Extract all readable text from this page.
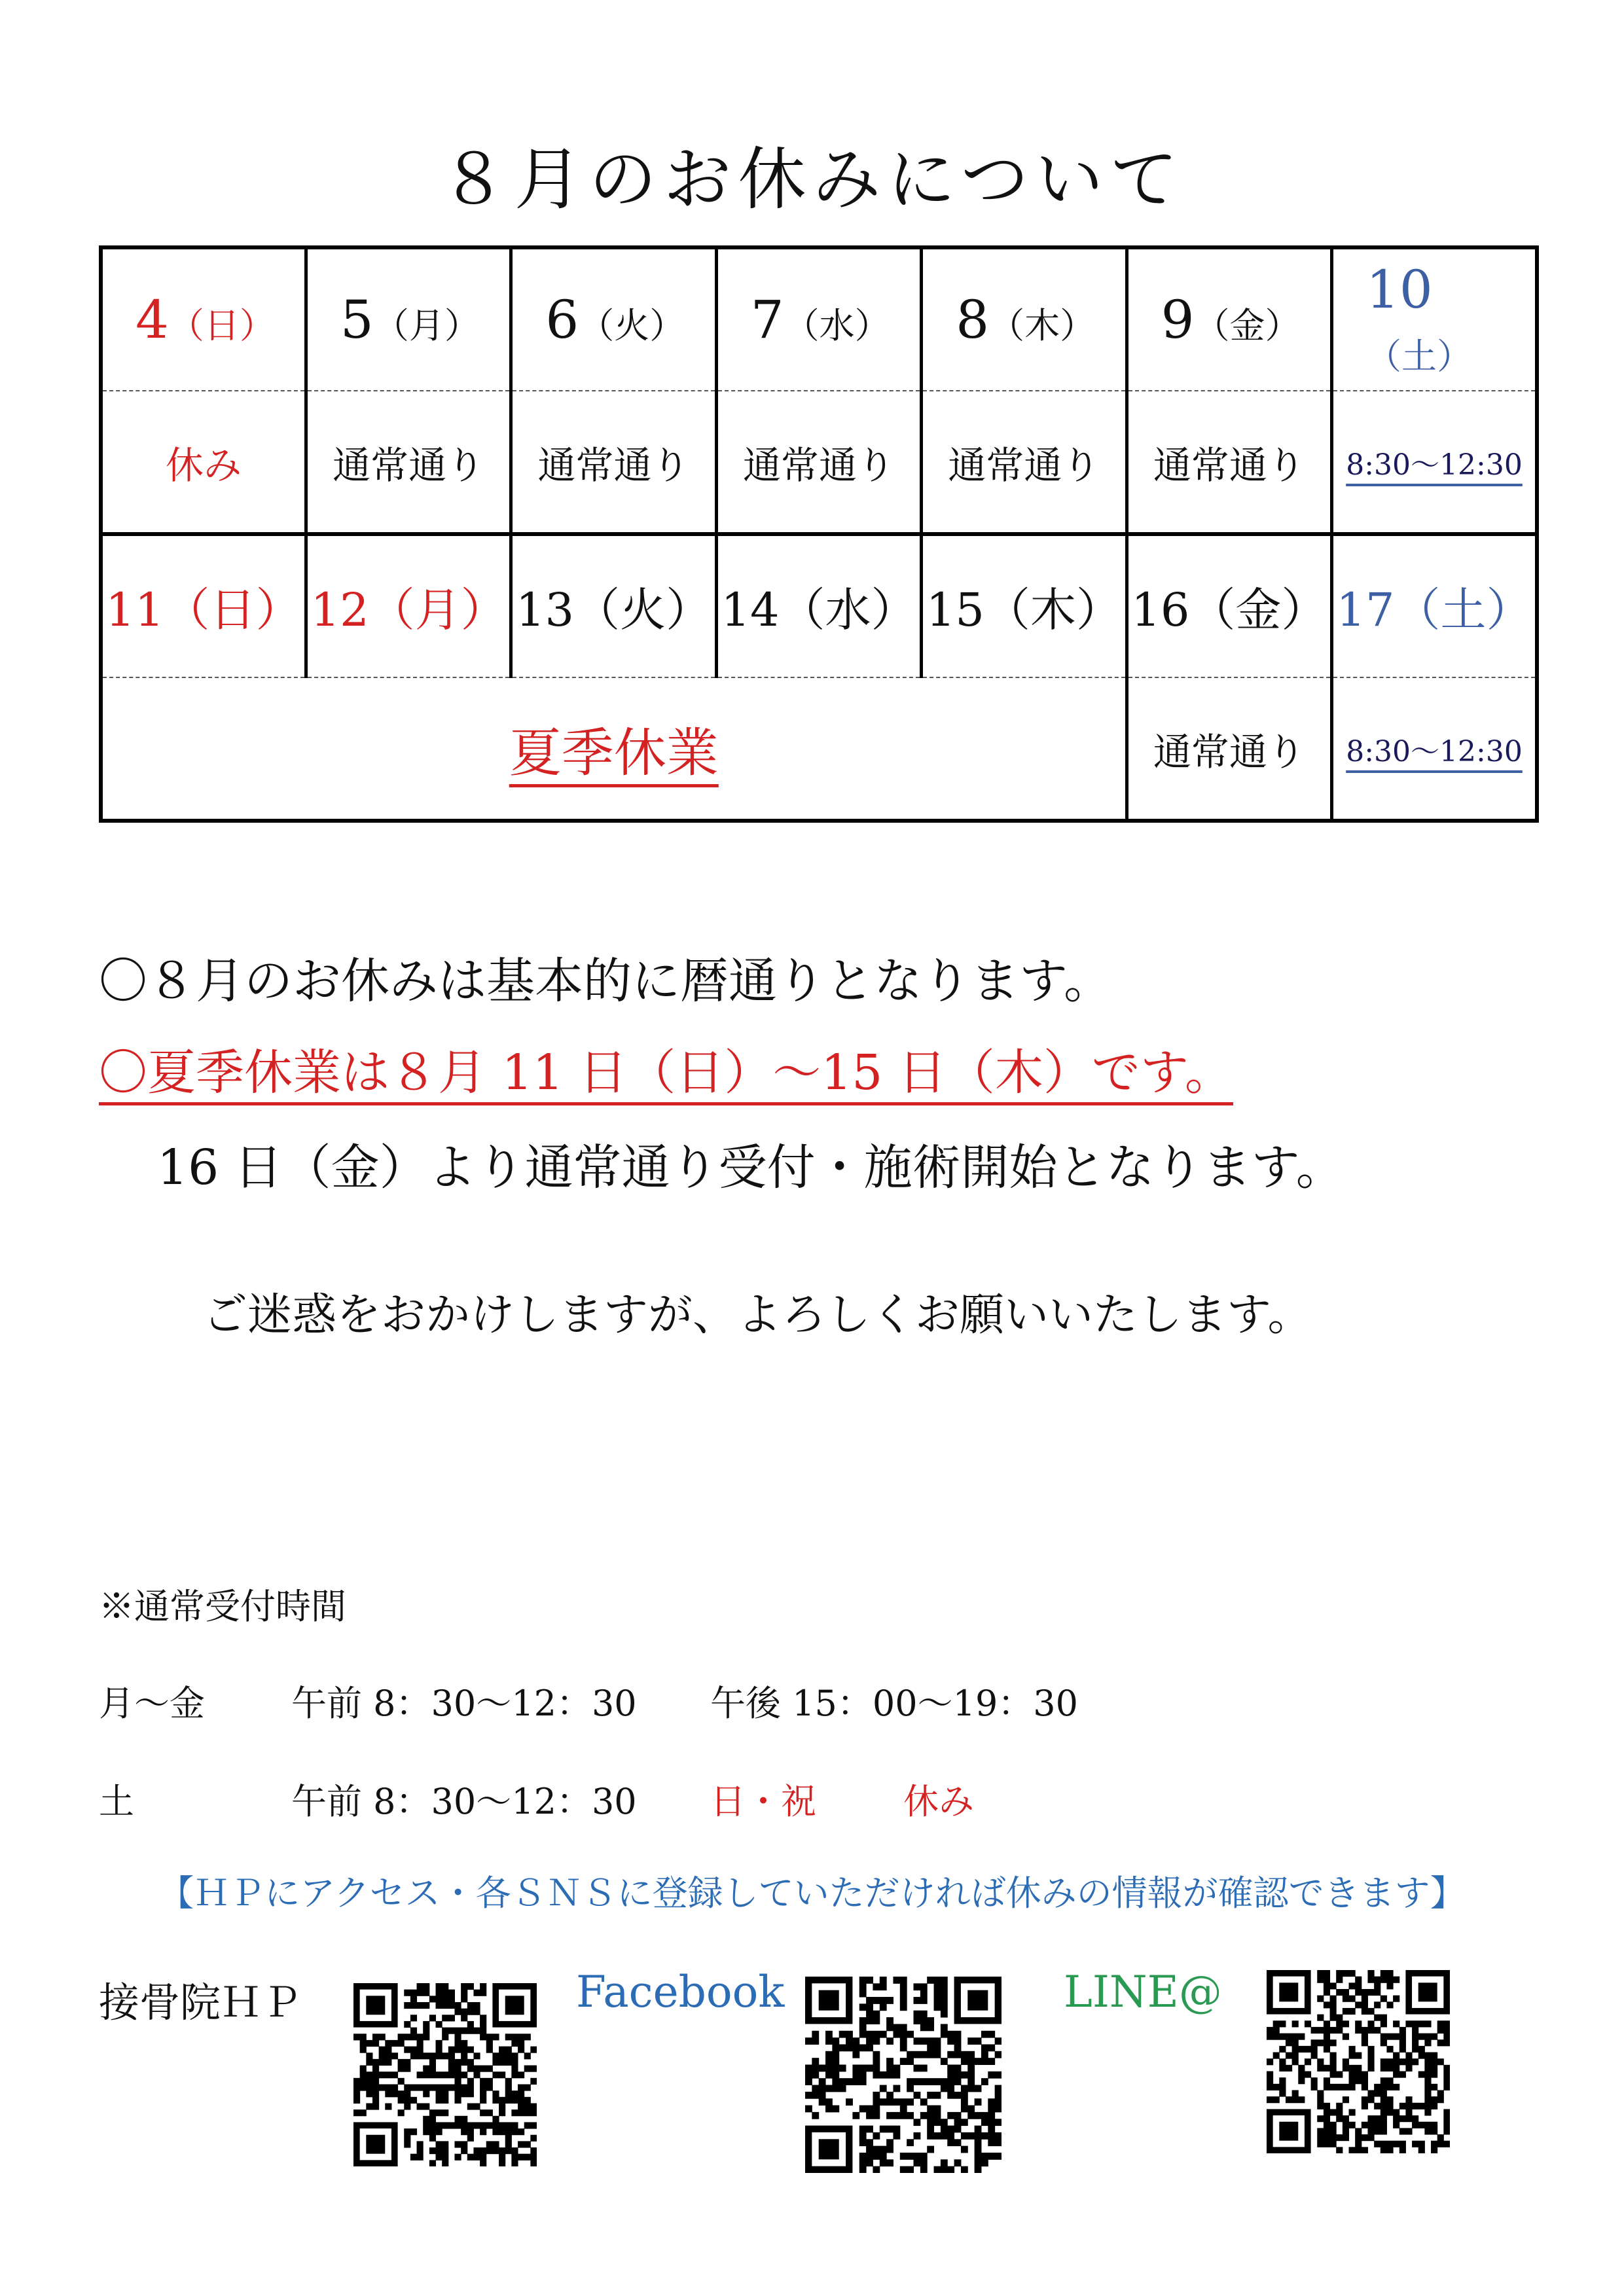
８月のお休みについて
4（日）	5（月）	6（火）	7（水）	8（木）	9（金）	10（土）
休み	通常通り	通常通り	通常通り	通常通り	通常通り	8:30〜12:30
11（日）	12（月）	13（火）	14（水）	15（木）	16（金）	17（土）
夏季休業					通常通り	8:30〜12:30
〇８月のお休みは基本的に暦通りとなります。
〇夏季休業は８月 11 日（日）〜15 日（木）です。
16 日（金）より通常通り受付・施術開始となります。
ご迷惑をおかけしますが、よろしくお願いいたします。
※通常受付時間
月〜金 午前 8：30〜12：30 午後 15：00〜19：30
土	午前 8：30〜12：30 日・祝 休み
【ＨＰにアクセス・各ＳＮＳに登録していただければ休みの情報が確認できます】
接骨院ＨＰ	Facebook	LINE@
